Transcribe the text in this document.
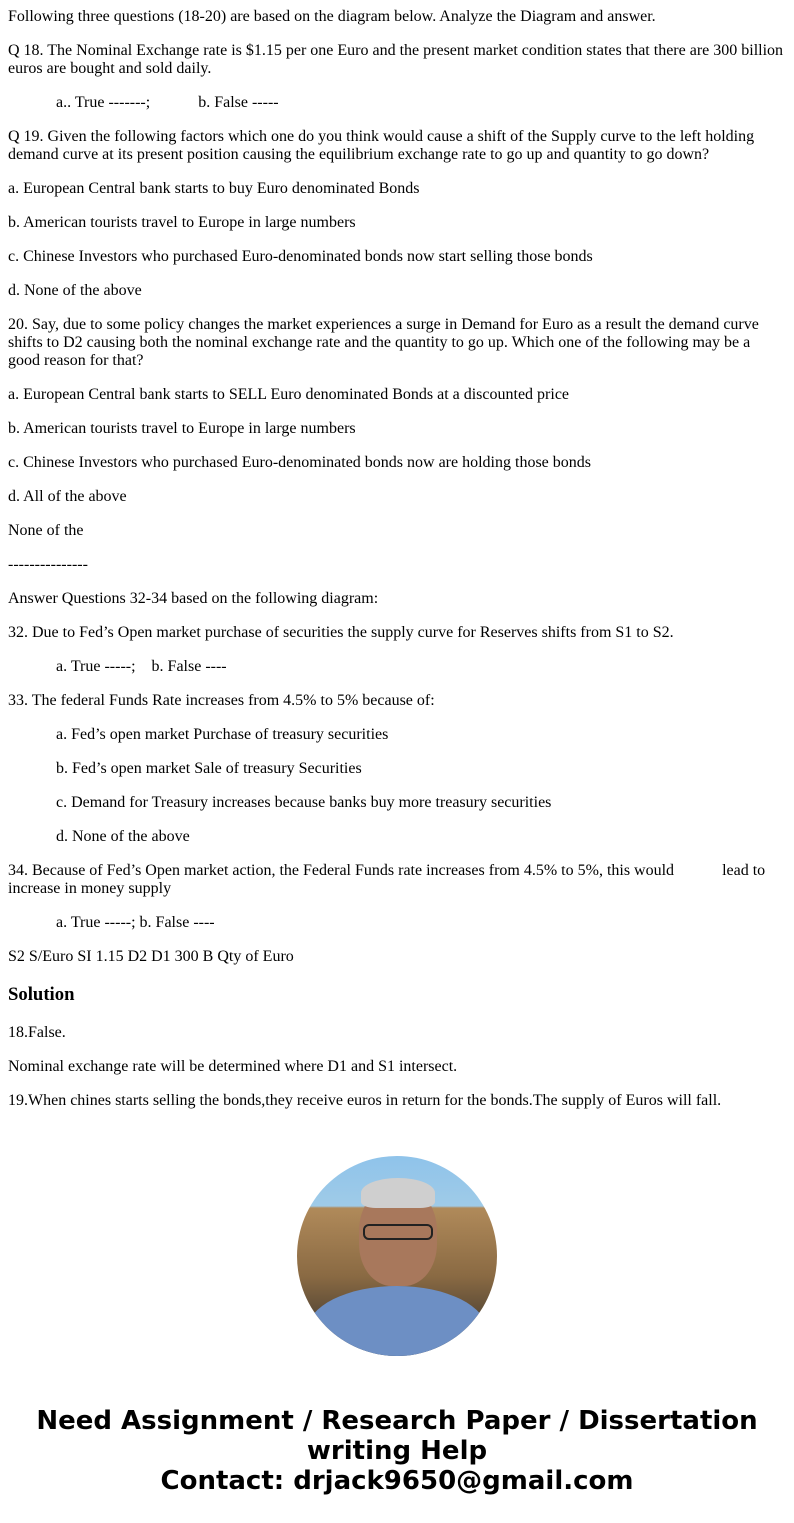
Following three questions (18-20) are based on the diagram below. Analyze the Diagram and answer.

Q 18. The Nominal Exchange rate is $1.15 per one Euro and the present market condition states that there are 300 billion euros are bought and sold daily.

a.. True -------;	b. False -----

Q 19. Given the following factors which one do you think would cause a shift of the Supply curve to the left holding demand curve at its present position causing the equilibrium exchange rate to go up and quantity to go down?

a. European Central bank starts to buy Euro denominated Bonds

b. American tourists travel to Europe in large numbers

c. Chinese Investors who purchased Euro-denominated bonds now start selling those bonds

d. None of the above

20. Say, due to some policy changes the market experiences a surge in Demand for Euro as a result the demand curve shifts to D2 causing both the nominal exchange rate and the quantity to go up. Which one of the following may be a good reason for that?

a. European Central bank starts to SELL Euro denominated Bonds at a discounted price

b. American tourists travel to Europe in large numbers

c. Chinese Investors who purchased Euro-denominated bonds now are holding those bonds

d. All of the above

None of the

---------------

Answer Questions 32-34 based on the following diagram:

32. Due to Fed’s Open market purchase of securities the supply curve for Reserves shifts from S1 to S2.

a. True -----; b. False ----

33. The federal Funds Rate increases from 4.5% to 5% because of:

a. Fed’s open market Purchase of treasury securities

b. Fed’s open market Sale of treasury Securities

c. Demand for Treasury increases because banks buy more treasury securities

d. None of the above

34. Because of Fed’s Open market action, the Federal Funds rate increases from 4.5% to 5%, this would	lead to increase in money supply

a. True -----; b. False ----

S2 S/Euro SI 1.15 D2 D1 300 B Qty of Euro

Solution

18.False.

Nominal exchange rate will be determined where D1 and S1 intersect.

19.When chines starts selling the bonds,they receive euros in return for the bonds.The supply of Euros will fall.

Need Assignment / Research Paper / Dissertation writing Help
Contact: drjack9650@gmail.com
